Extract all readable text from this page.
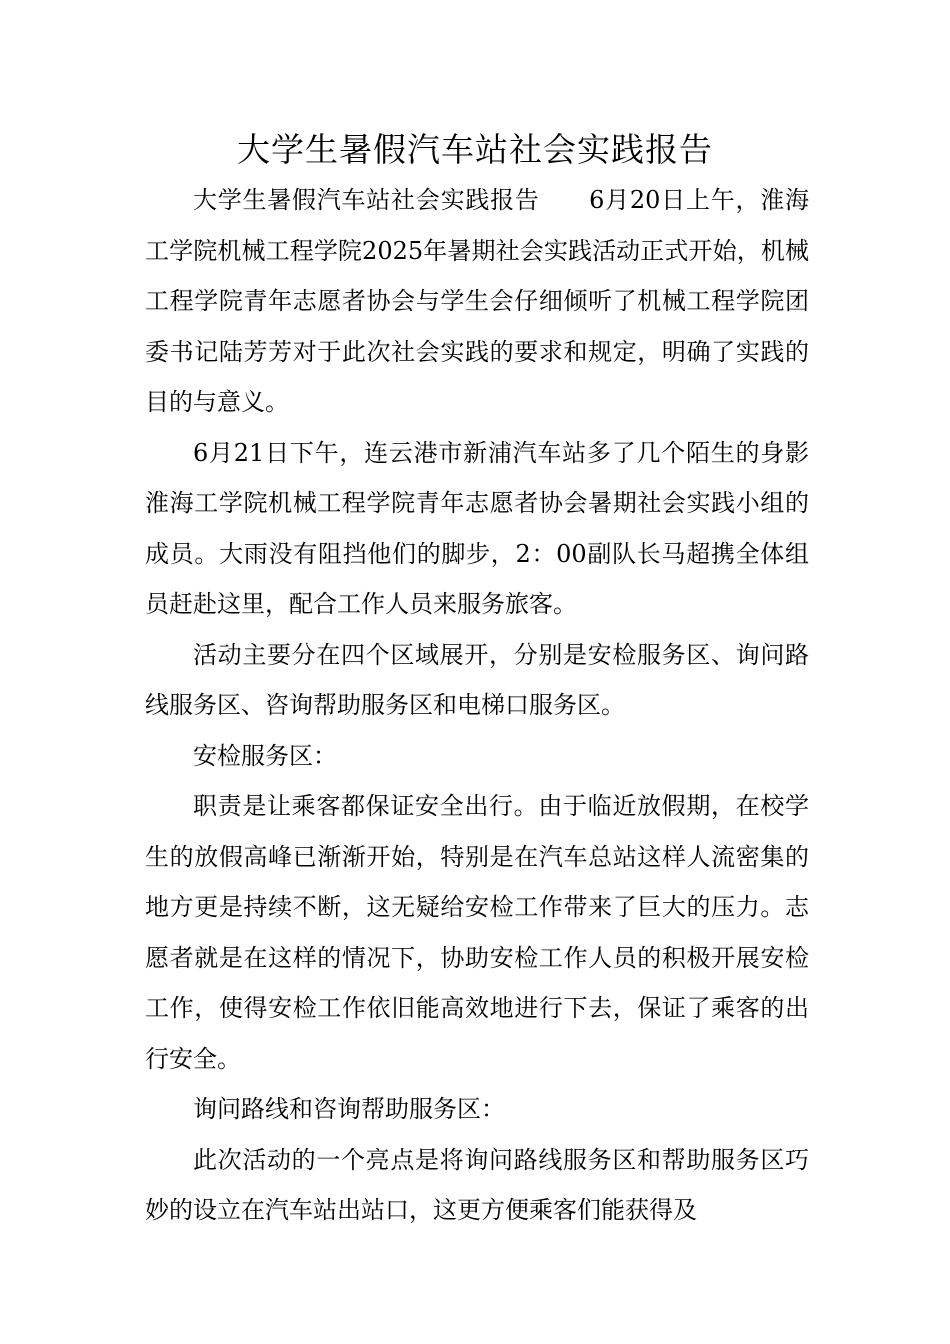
大学生暑假汽车站社会实践报告

大学生暑假汽车站社会实践报告　　6月20日上午，淮海工学院机械工程学院2025年暑期社会实践活动正式开始，机械工程学院青年志愿者协会与学生会仔细倾听了机械工程学院团委书记陆芳芳对于此次社会实践的要求和规定，明确了实践的目的与意义。

6月21日下午，连云港市新浦汽车站多了几个陌生的身影淮海工学院机械工程学院青年志愿者协会暑期社会实践小组的成员。大雨没有阻挡他们的脚步，2：00副队长马超携全体组员赶赴这里，配合工作人员来服务旅客。

活动主要分在四个区域展开，分别是安检服务区、询问路线服务区、咨询帮助服务区和电梯口服务区。

安检服务区：

职责是让乘客都保证安全出行。由于临近放假期，在校学生的放假高峰已渐渐开始，特别是在汽车总站这样人流密集的地方更是持续不断，这无疑给安检工作带来了巨大的压力。志愿者就是在这样的情况下，协助安检工作人员的积极开展安检工作，使得安检工作依旧能高效地进行下去，保证了乘客的出行安全。

询问路线和咨询帮助服务区：

此次活动的一个亮点是将询问路线服务区和帮助服务区巧妙的设立在汽车站出站口，这更方便乘客们能获得及
